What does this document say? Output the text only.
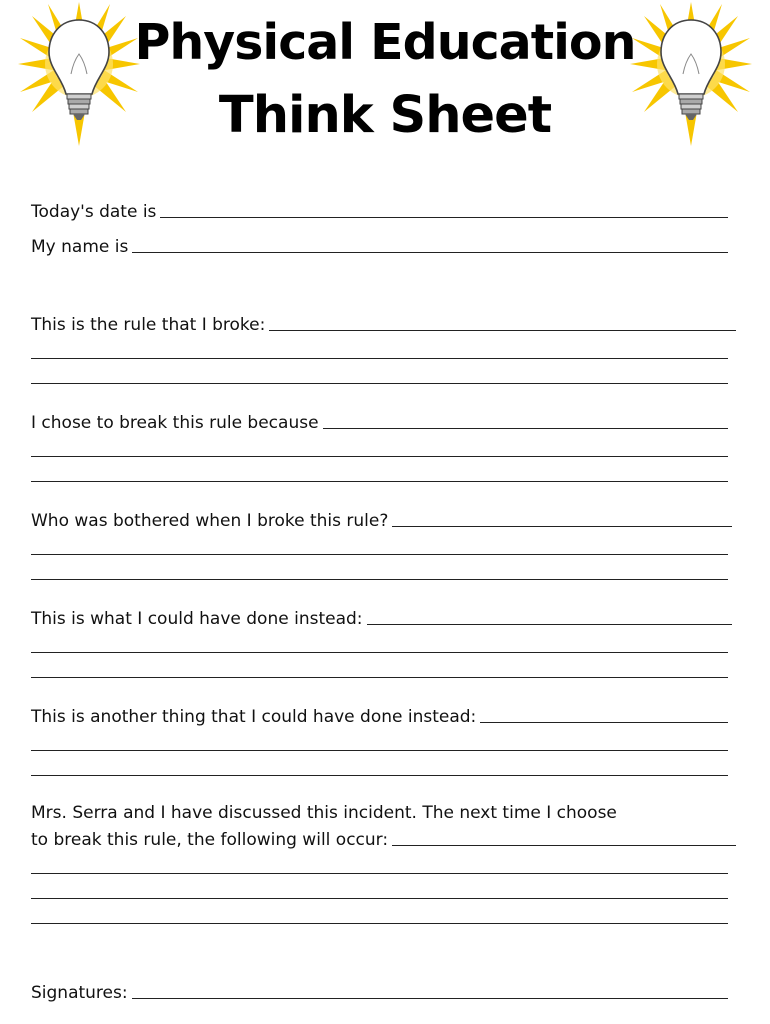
Physical Education
Think Sheet
Today's date is
My name is
This is the rule that I broke:
I chose to break this rule because
Who was bothered when I broke this rule?
This is what I could have done instead:
This is another thing that I could have done instead:
Mrs. Serra and I have discussed this incident. The next time I choose
to break this rule, the following will occur:
Signatures:
